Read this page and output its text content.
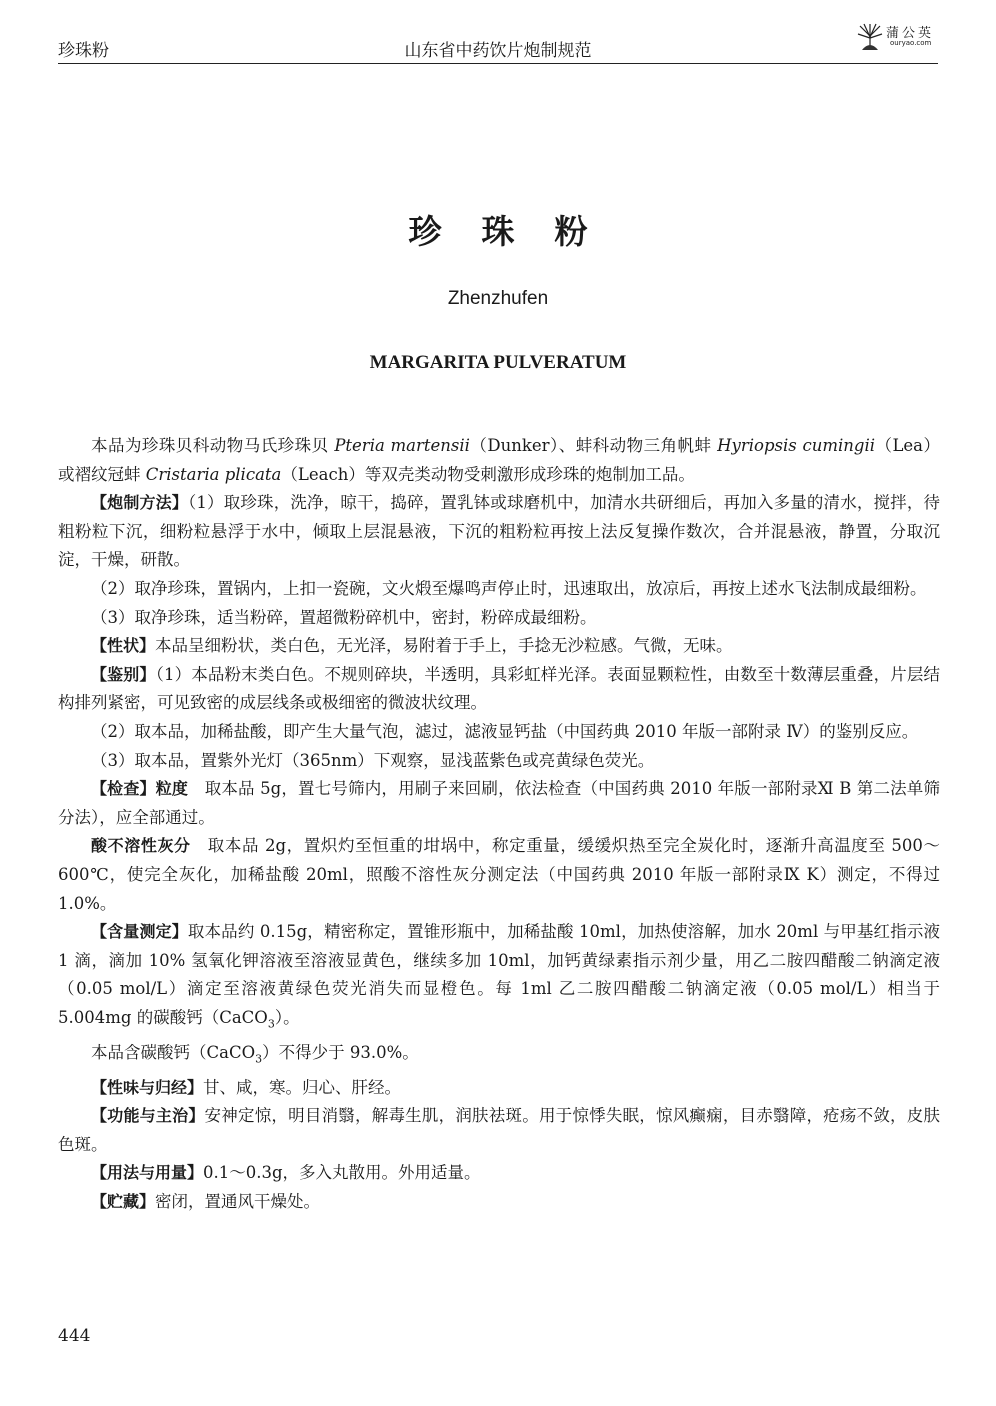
珍珠粉	山东省中药饮片炮制规范
蒲公英
ouryao.com
珍珠粉
Zhenzhufen
MARGARITA PULVERATUM

本品为珍珠贝科动物马氏珍珠贝 Pteria martensii（Dunker）、蚌科动物三角帆蚌 Hyriopsis cumingii（Lea）或褶纹冠蚌 Cristaria plicata（Leach）等双壳类动物受刺激形成珍珠的炮制加工品。

【炮制方法】（1）取珍珠，洗净，晾干，捣碎，置乳钵或球磨机中，加清水共研细后，再加入多量的清水，搅拌，待粗粉粒下沉，细粉粒悬浮于水中，倾取上层混悬液，下沉的粗粉粒再按上法反复操作数次，合并混悬液，静置，分取沉淀，干燥，研散。

（2）取净珍珠，置锅内，上扣一瓷碗，文火煅至爆鸣声停止时，迅速取出，放凉后，再按上述水飞法制成最细粉。

（3）取净珍珠，适当粉碎，置超微粉碎机中，密封，粉碎成最细粉。

【性状】本品呈细粉状，类白色，无光泽，易附着于手上，手捻无沙粒感。气微，无味。

【鉴别】（1）本品粉末类白色。不规则碎块，半透明，具彩虹样光泽。表面显颗粒性，由数至十数薄层重叠，片层结构排列紧密，可见致密的成层线条或极细密的微波状纹理。

（2）取本品，加稀盐酸，即产生大量气泡，滤过，滤液显钙盐（中国药典 2010 年版一部附录 Ⅳ）的鉴别反应。

（3）取本品，置紫外光灯（365nm）下观察，显浅蓝紫色或亮黄绿色荧光。

【检查】粒度　取本品 5g，置七号筛内，用刷子来回刷，依法检查（中国药典 2010 年版一部附录Ⅺ B 第二法单筛分法），应全部通过。

酸不溶性灰分　取本品 2g，置炽灼至恒重的坩埚中，称定重量，缓缓炽热至完全炭化时，逐渐升高温度至 500～600℃，使完全灰化，加稀盐酸 20ml，照酸不溶性灰分测定法（中国药典 2010 年版一部附录Ⅸ K）测定，不得过 1.0%。

【含量测定】取本品约 0.15g，精密称定，置锥形瓶中，加稀盐酸 10ml，加热使溶解，加水 20ml 与甲基红指示液 1 滴，滴加 10% 氢氧化钾溶液至溶液显黄色，继续多加 10ml，加钙黄绿素指示剂少量，用乙二胺四醋酸二钠滴定液（0.05 mol/L）滴定至溶液黄绿色荧光消失而显橙色。每 1ml 乙二胺四醋酸二钠滴定液（0.05 mol/L）相当于 5.004mg 的碳酸钙（CaCO$_3$）。

本品含碳酸钙（CaCO$_3$）不得少于 93.0%。

【性味与归经】甘、咸，寒。归心、肝经。

【功能与主治】安神定惊，明目消翳，解毒生肌，润肤祛斑。用于惊悸失眠，惊风癫痫，目赤翳障，疮疡不敛，皮肤色斑。

【用法与用量】0.1～0.3g，多入丸散用。外用适量。

【贮藏】密闭，置通风干燥处。

444
